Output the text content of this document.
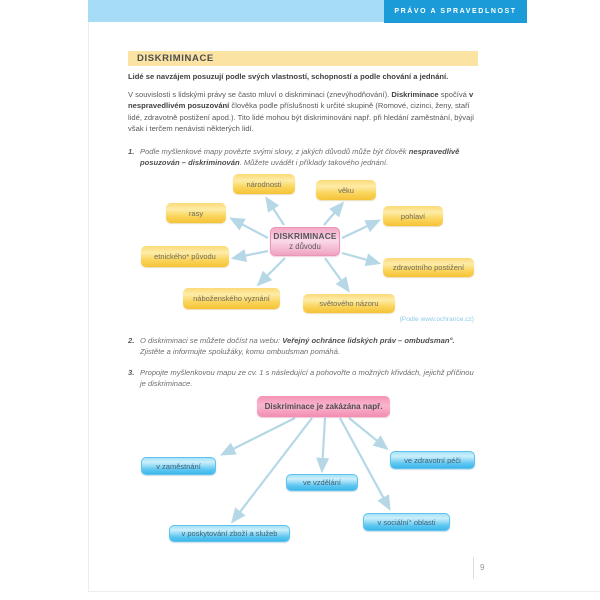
PRÁVO A SPRAVEDLNOST
DISKRIMINACE
Lidé se navzájem posuzují podle svých vlastností, schopností a podle chování a jednání.
V souvislosti s lidskými právy se často mluví o diskriminaci (znevýhodňování). Diskriminace spočívá v nespravedlivém posuzování člověka podle příslušnosti k určité skupině (Romové, cizinci, ženy, staří lidé, zdravotně postižení apod.). Tito lidé mohou být diskriminováni např. při hledání zaměstnání, bývají však i terčem nenávisti některých lidí.
1. Podle myšlenkové mapy povězte svými slovy, z jakých důvodů může být člověk nespravedlivě posuzován – diskriminován. Můžete uvádět i příklady takového jednání.
národnosti
věku
rasy	pohlaví
etnického* původu
zdravotního postižení
náboženského vyznání
světového názoru
DISKRIMINACE
z důvodu
(Podle www.ochrance.cz)
2. O diskriminaci se můžete dočíst na webu: Veřejný ochránce lidských práv – ombudsman°. Zjistěte a informujte spolužáky, komu ombudsman pomáhá.
3. Propojte myšlenkovou mapu ze cv. 1 s následující a pohovořte o možných křivdách, jejichž příčinou je diskriminace.
Diskriminace je zakázána např.
v zaměstnání
ve zdravotní péči
ve vzdělání
v sociální° oblasti
v poskytování zboží a služeb
9
